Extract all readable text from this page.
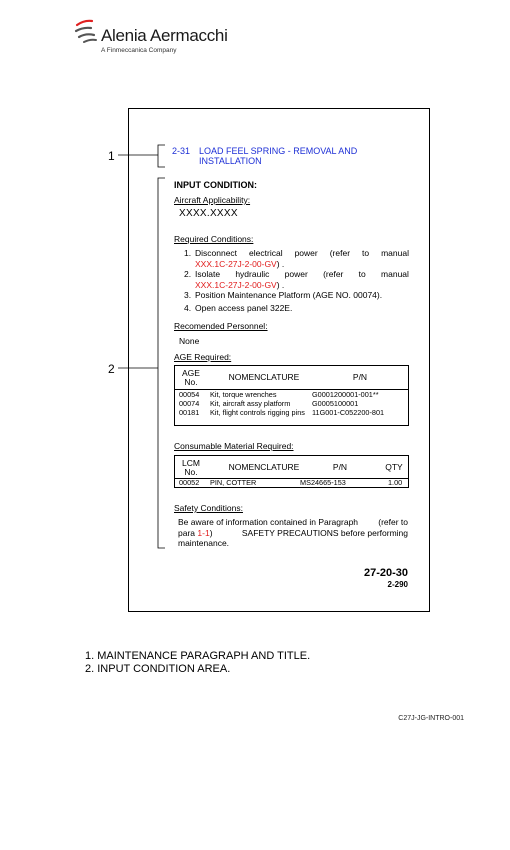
Alenia Aermacchi
A Finmeccanica Company
1
2
2-31 LOAD FEEL SPRING - REMOVAL AND INSTALLATION
INPUT CONDITION:
Aircraft Applicability:
XXXX.XXXX
Required Conditions:
1. Disconnect electrical power (refer to manual
XXX.1C-27J-2-00-GV) .
2. Isolate hydraulic power (refer to manual
XXX.1C-27J-2-00-GV) .
3. Position Maintenance Platform (AGE NO. 00074).
4. Open access panel 322E.
Recomended Personnel:
None
AGE Required:
AGE No.	NOMENCLATURE	P/N
00054 Kit, torque wrenches	G0001200001-001**
00074 Kit, aircraft assy platform	G0005100001
00181 Kit, flight controls rigging pins 11G001-C052200-801
Consumable Material Required:
LCM No.	NOMENCLATURE	P/N	QTY
00052 PIN, COTTER	MS24665-153	1.00
Safety Conditions:
Be aware of information contained in Paragraph (refer to
para 1-1)	SAFETY PRECAUTIONS before performing
maintenance.
27-20-30
2-290
1. MAINTENANCE PARAGRAPH AND TITLE.
2. INPUT CONDITION AREA.
C27J-JG-INTRO-001
